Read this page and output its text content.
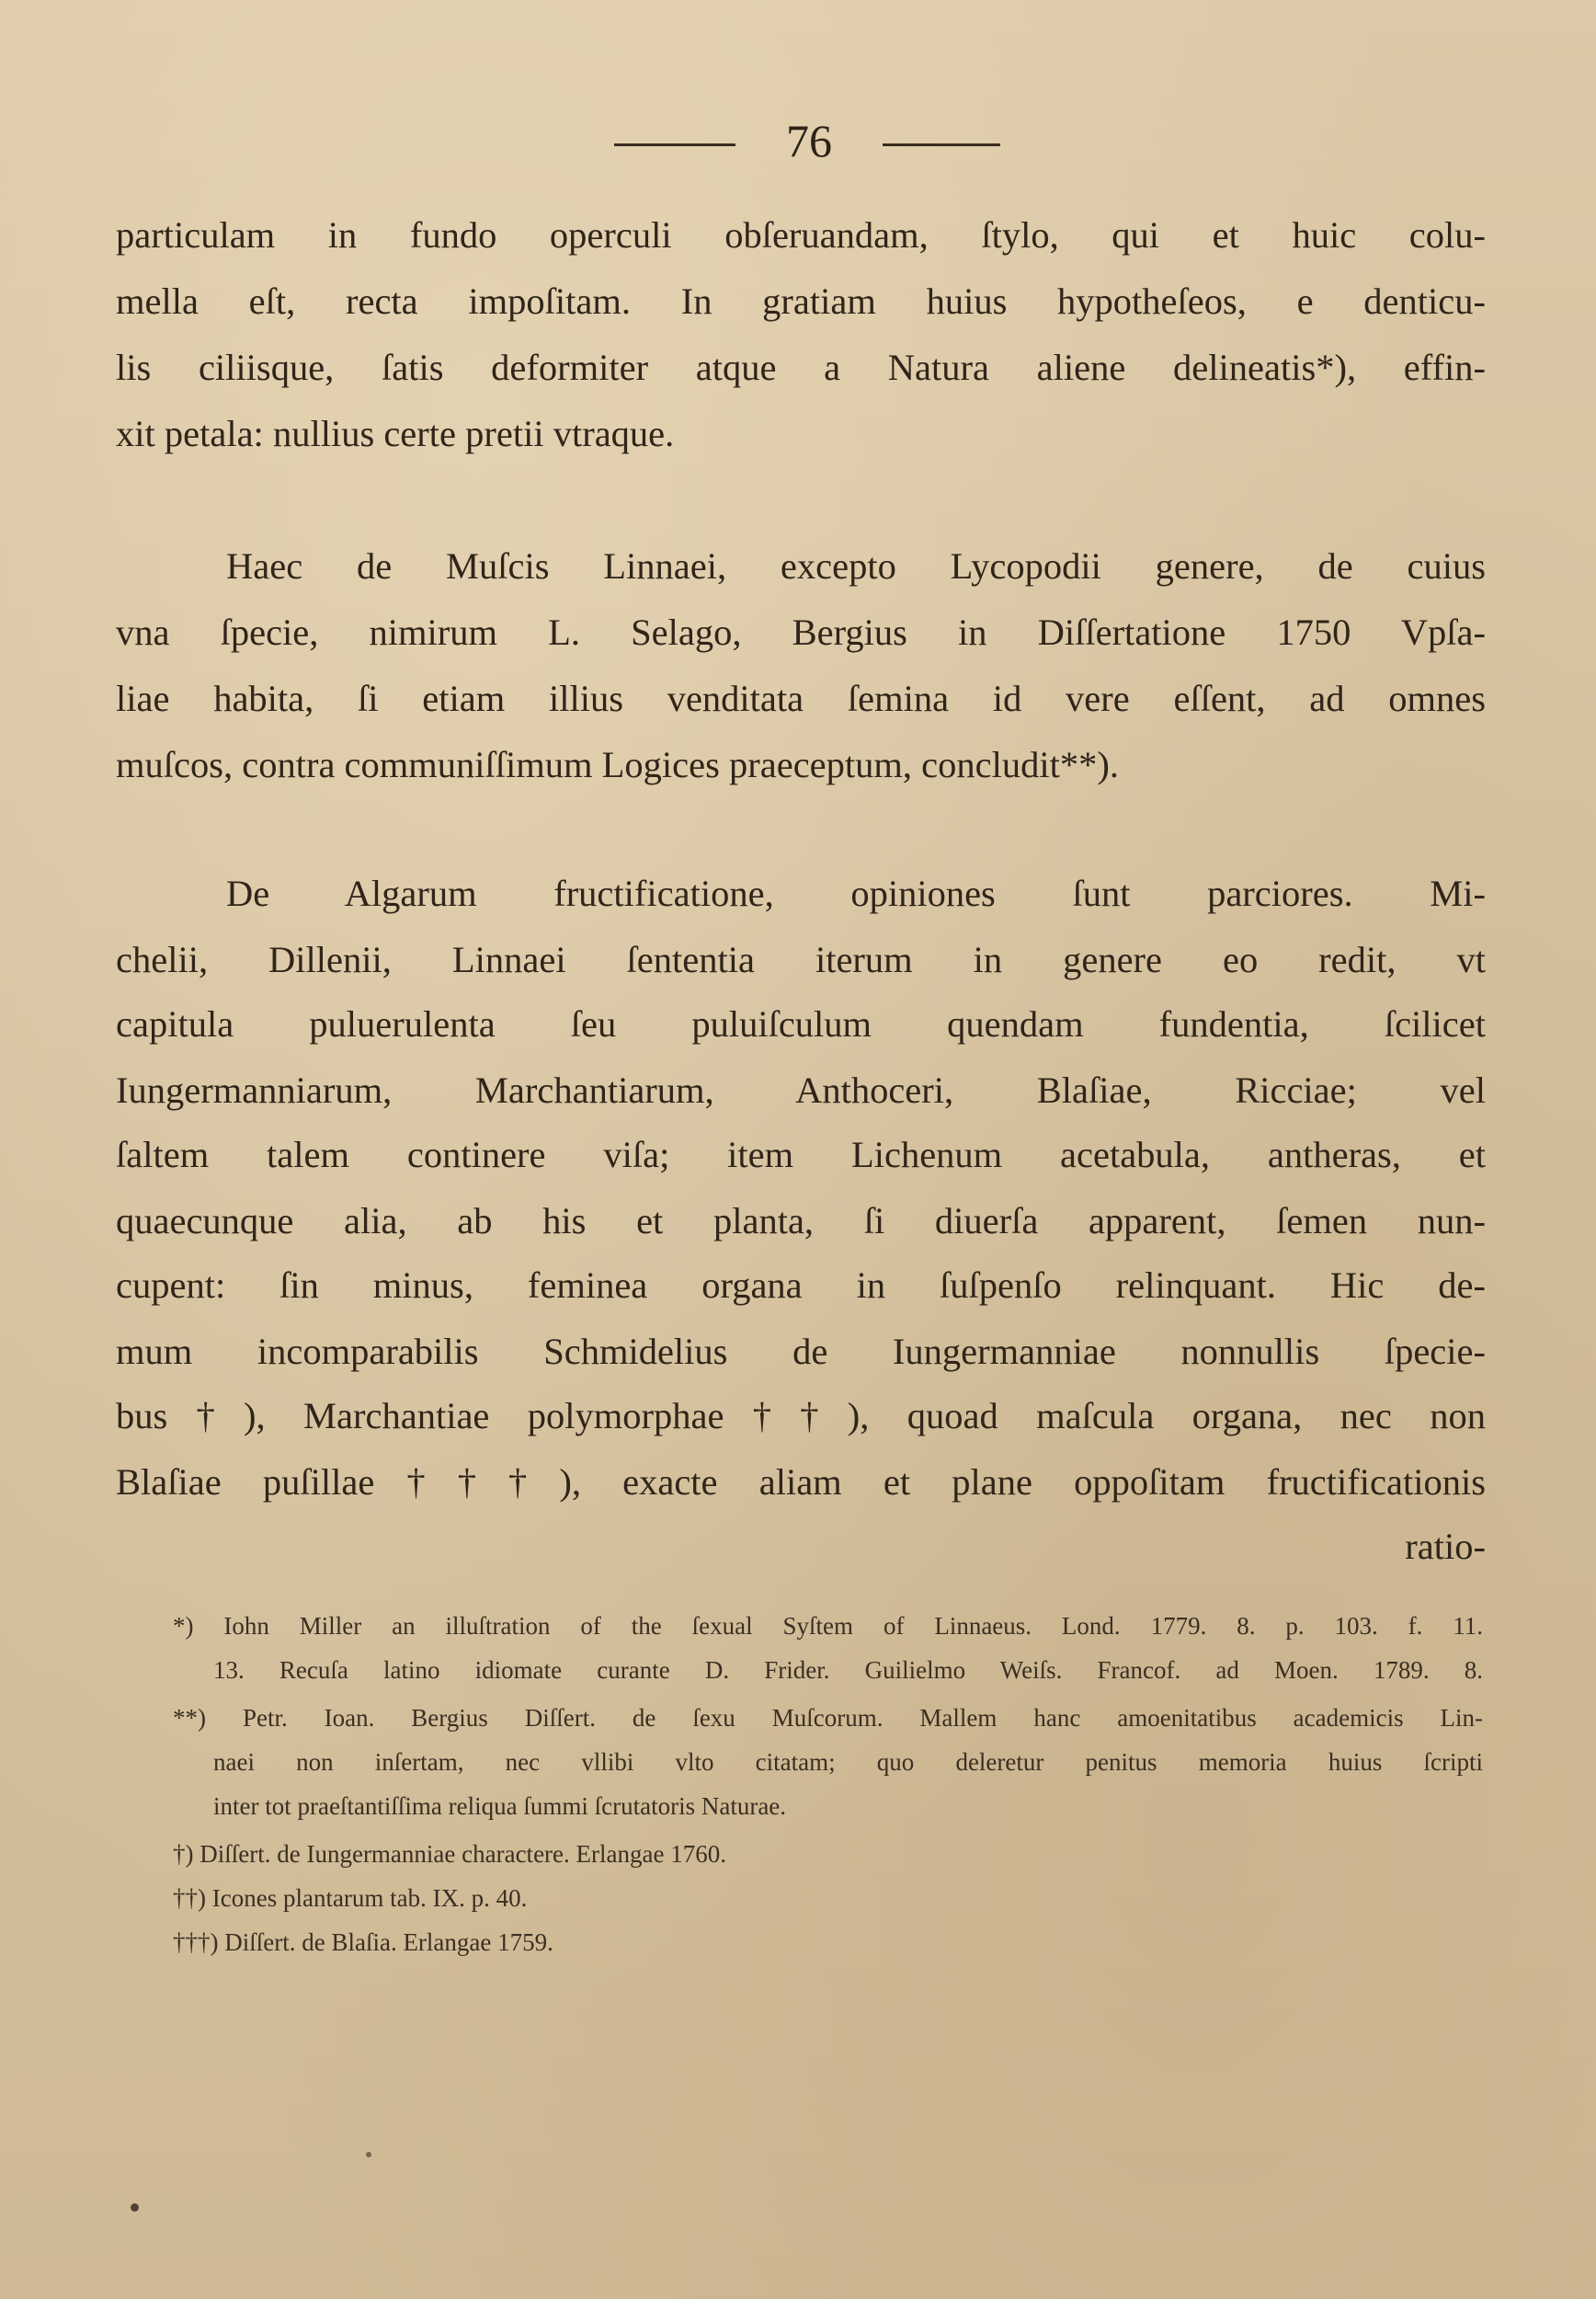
76
particulam in fundo operculi obſeruandam, ſtylo, qui et huic colu-
mella eſt, recta impoſitam. In gratiam huius hypotheſeos, e denticu-
lis ciliisque, ſatis deformiter atque a Natura aliene delineatis*), effin-
xit petala: nullius certe pretii vtraque.
Haec de Muſcis Linnaei, excepto Lycopodii genere, de cuius
vna ſpecie, nimirum L. Selago, Bergius in Diſſertatione 1750 Vpſa-
liae habita, ſi etiam illius venditata ſemina id vere eſſent, ad omnes
muſcos, contra communiſſimum Logices praeceptum, concludit**).
De Algarum fructificatione, opiniones ſunt parciores. Mi-
chelii, Dillenii, Linnaei ſententia iterum in genere eo redit, vt
capitula puluerulenta ſeu puluiſculum quendam fundentia, ſcilicet
Iungermanniarum, Marchantiarum, Anthoceri, Blaſiae, Ricciae; vel
ſaltem talem continere viſa; item Lichenum acetabula, antheras, et
quaecunque alia, ab his et planta, ſi diuerſa apparent, ſemen nun-
cupent: ſin minus, feminea organa in ſuſpenſo relinquant. Hic de-
mum incomparabilis Schmidelius de Iungermanniae nonnullis ſpecie-
bus†), Marchantiae polymorphae††), quoad maſcula organa, nec non
Blaſiae puſillae†††), exacte aliam et plane oppoſitam fructificationis
ratio-
*) Iohn Miller an illuſtration of the ſexual Syſtem of Linnaeus. Lond. 1779. 8. p. 103. f. 11.
13. Recuſa latino idiomate curante D. Frider. Guilielmo Weiſs. Francof. ad Moen. 1789. 8.
**) Petr. Ioan. Bergius Diſſert. de ſexu Muſcorum. Mallem hanc amoenitatibus academicis Lin-
naei non inſertam, nec vllibi vlto citatam; quo deleretur penitus memoria huius ſcripti
inter tot praeſtantiſſima reliqua ſummi ſcrutatoris Naturae.
†) Diſſert. de Iungermanniae charactere. Erlangae 1760.
††) Icones plantarum tab. IX. p. 40.
†††) Diſſert. de Blaſia. Erlangae 1759.
